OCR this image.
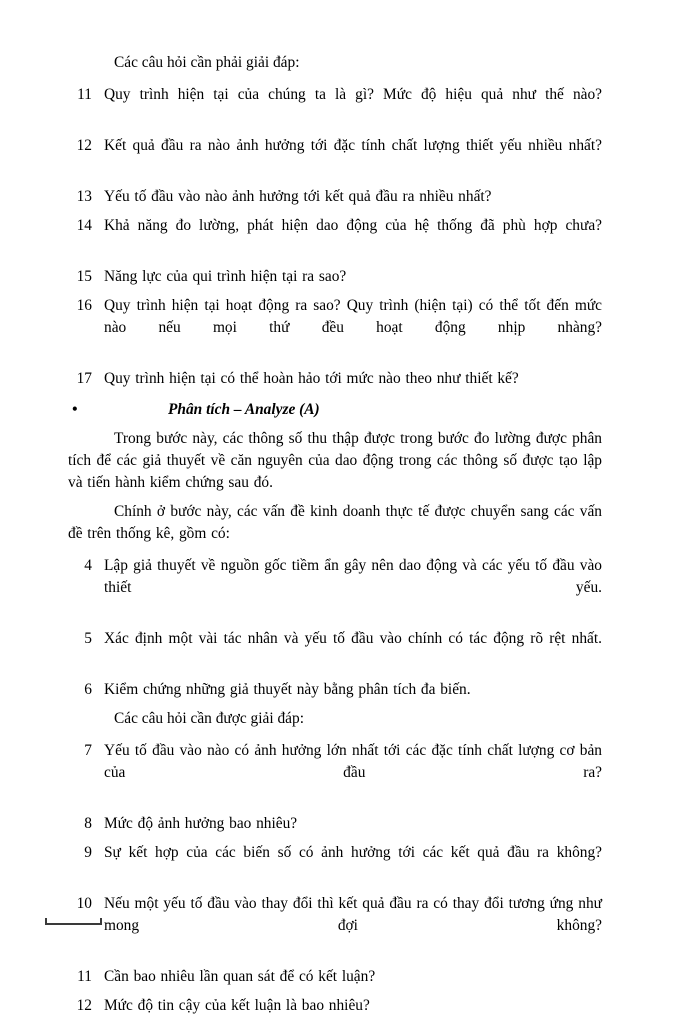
Các câu hỏi cần phải giải đáp:

11 Quy trình hiện tại của chúng ta là gì? Mức độ hiệu quả như thế nào?
12 Kết quả đầu ra nào ảnh hưởng tới đặc tính chất lượng thiết yếu nhiều nhất?
13 Yếu tố đầu vào nào ảnh hưởng tới kết quả đầu ra nhiều nhất?
14 Khả năng đo lường, phát hiện dao động của hệ thống đã phù hợp chưa?
15 Năng lực của qui trình hiện tại ra sao?
16 Quy trình hiện tại hoạt động ra sao? Quy trình (hiện tại) có thể tốt đến mức nào nếu mọi thứ đều hoạt động nhịp nhàng?
17 Quy trình hiện tại có thể hoàn hảo tới mức nào theo như thiết kế?

•	Phân tích – Analyze (A)

Trong bước này, các thông số thu thập được trong bước đo lường được phân tích để các giả thuyết về căn nguyên của dao động trong các thông số được tạo lập và tiến hành kiểm chứng sau đó.

Chính ở bước này, các vấn đề kinh doanh thực tế được chuyển sang các vấn đề trên thống kê, gồm có:

4 Lập giả thuyết về nguồn gốc tiềm ẩn gây nên dao động và các yếu tố đầu vào thiết yếu.
5 Xác định một vài tác nhân và yếu tố đầu vào chính có tác động rõ rệt nhất.
6 Kiểm chứng những giả thuyết này bằng phân tích đa biến.

Các câu hỏi cần được giải đáp:

7 Yếu tố đầu vào nào có ảnh hưởng lớn nhất tới các đặc tính chất lượng cơ bản của đầu ra?
8 Mức độ ảnh hưởng bao nhiêu?
9 Sự kết hợp của các biến số có ảnh hưởng tới các kết quả đầu ra không?
10 Nếu một yếu tố đầu vào thay đổi thì kết quả đầu ra có thay đổi tương ứng như mong đợi không?
11 Cần bao nhiêu lần quan sát để có kết luận?
12 Mức độ tin cậy của kết luận là bao nhiêu?
